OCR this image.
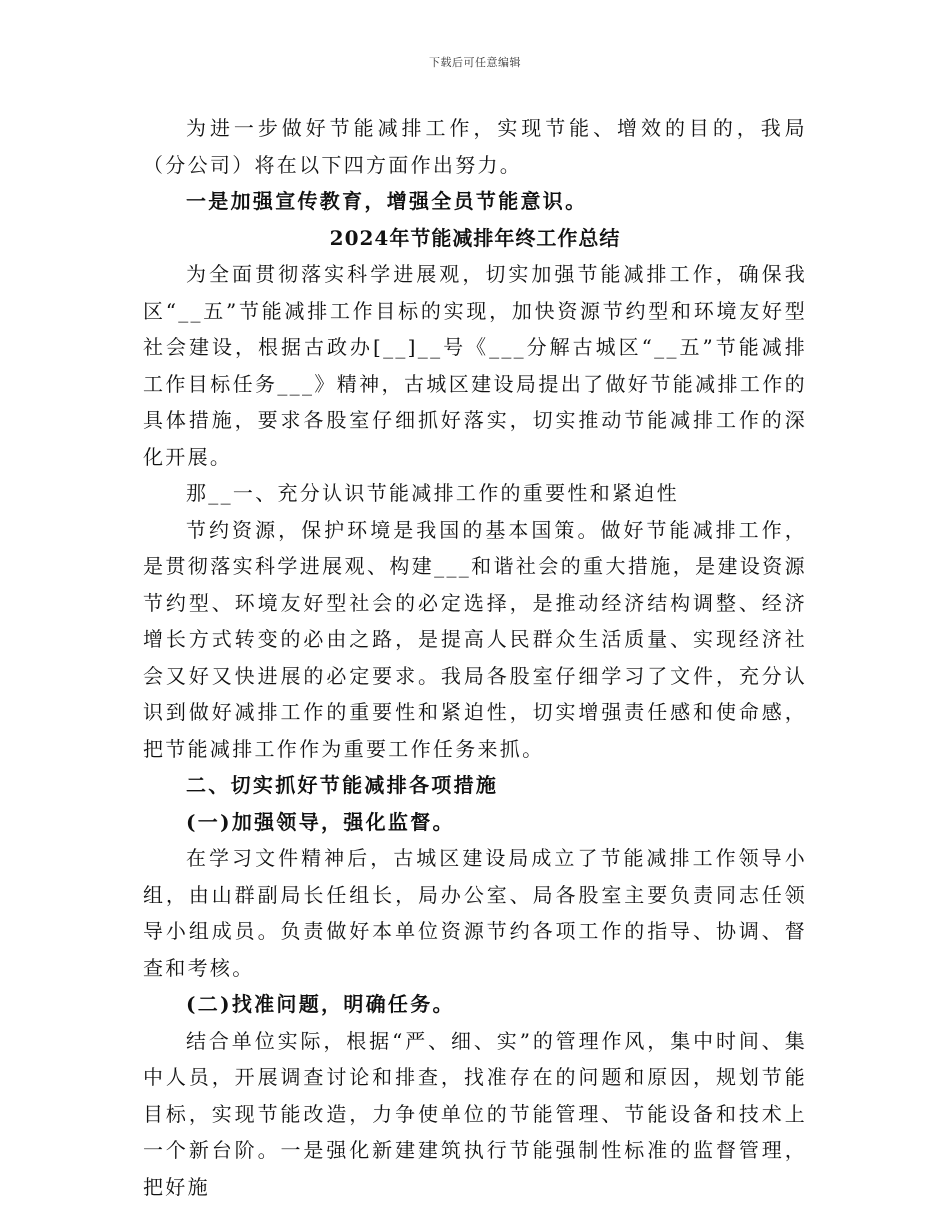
下载后可任意编辑

为进一步做好节能减排工作，实现节能、增效的目的，我局（分公司）将在以下四方面作出努力。

一是加强宣传教育，增强全员节能意识。

2024年节能减排年终工作总结

为全面贯彻落实科学进展观，切实加强节能减排工作，确保我区“__五”节能减排工作目标的实现，加快资源节约型和环境友好型社会建设，根据古政办[__]__号《___分解古城区“__五”节能减排工作目标任务___》精神，古城区建设局提出了做好节能减排工作的具体措施，要求各股室仔细抓好落实，切实推动节能减排工作的深化开展。

那__一、充分认识节能减排工作的重要性和紧迫性

节约资源，保护环境是我国的基本国策。做好节能减排工作，是贯彻落实科学进展观、构建___和谐社会的重大措施，是建设资源节约型、环境友好型社会的必定选择，是推动经济结构调整、经济增长方式转变的必由之路，是提高人民群众生活质量、实现经济社会又好又快进展的必定要求。我局各股室仔细学习了文件，充分认识到做好减排工作的重要性和紧迫性，切实增强责任感和使命感，把节能减排工作作为重要工作任务来抓。

二、切实抓好节能减排各项措施

(一)加强领导，强化监督。

在学习文件精神后，古城区建设局成立了节能减排工作领导小组，由山群副局长任组长，局办公室、局各股室主要负责同志任领导小组成员。负责做好本单位资源节约各项工作的指导、协调、督查和考核。

(二)找准问题，明确任务。

结合单位实际，根据“严、细、实”的管理作风，集中时间、集中人员，开展调查讨论和排查，找准存在的问题和原因，规划节能目标，实现节能改造，力争使单位的节能管理、节能设备和技术上一个新台阶。一是强化新建建筑执行节能强制性标准的监督管理，把好施
